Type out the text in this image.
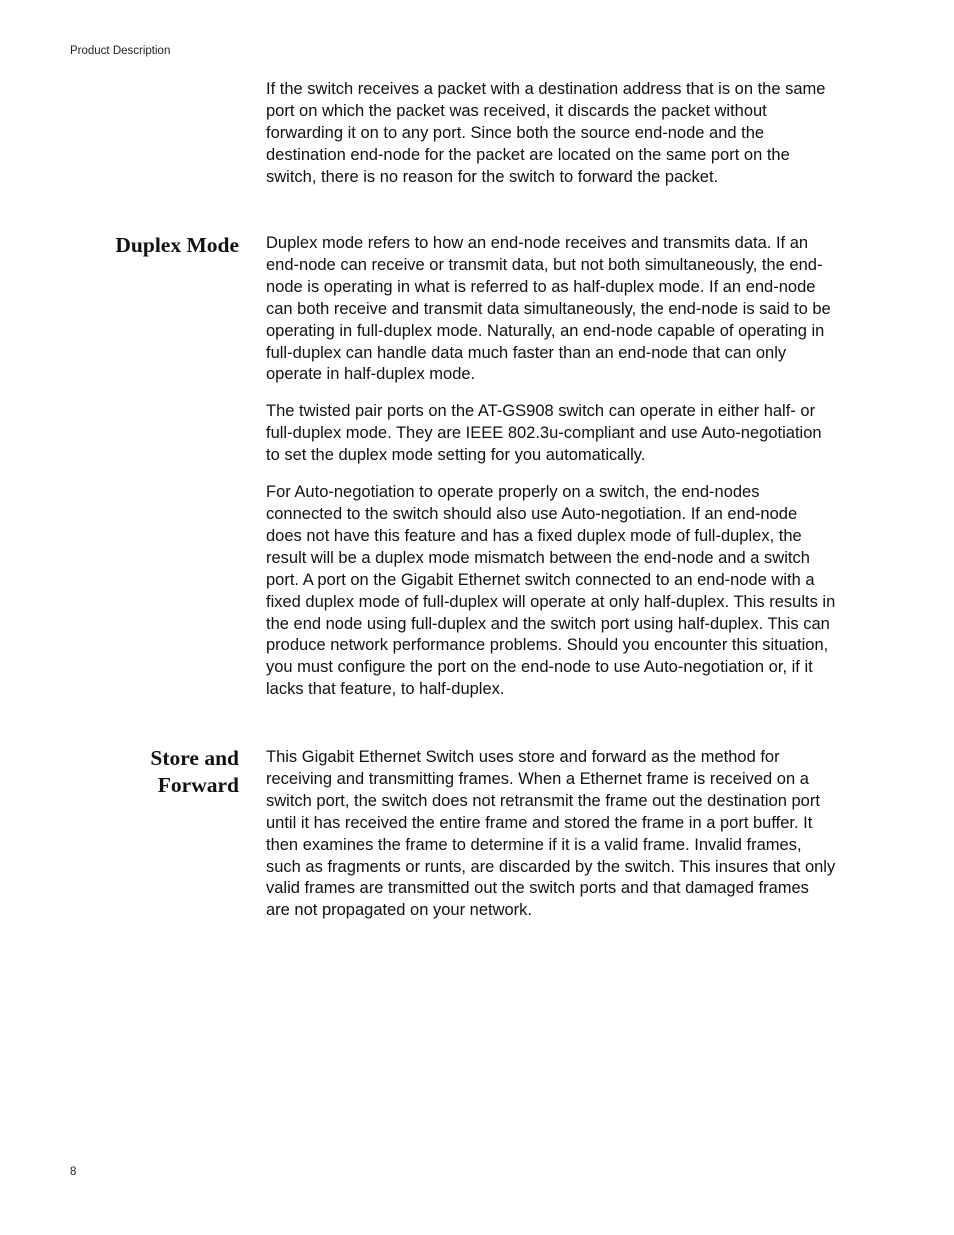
Product Description

If the switch receives a packet with a destination address that is on the same port on which the packet was received, it discards the packet without forwarding it on to any port. Since both the source end-node and the destination end-node for the packet are located on the same port on the switch, there is no reason for the switch to forward the packet.

Duplex Mode Duplex mode refers to how an end-node receives and transmits data. If an end-node can receive or transmit data, but not both simultaneously, the end-node is operating in what is referred to as half-duplex mode. If an end-node can both receive and transmit data simultaneously, the end-node is said to be operating in full-duplex mode. Naturally, an end-node capable of operating in full-duplex can handle data much faster than an end-node that can only operate in half-duplex mode.

The twisted pair ports on the AT-GS908 switch can operate in either half- or full-duplex mode. They are IEEE 802.3u-compliant and use Auto-negotiation to set the duplex mode setting for you automatically.

For Auto-negotiation to operate properly on a switch, the end-nodes connected to the switch should also use Auto-negotiation. If an end-node does not have this feature and has a fixed duplex mode of full-duplex, the result will be a duplex mode mismatch between the end-node and a switch port. A port on the Gigabit Ethernet switch connected to an end-node with a fixed duplex mode of full-duplex will operate at only half-duplex. This results in the end node using full-duplex and the switch port using half-duplex. This can produce network performance problems. Should you encounter this situation, you must configure the port on the end-node to use Auto-negotiation or, if it lacks that feature, to half-duplex.

Store and
Forward

This Gigabit Ethernet Switch uses store and forward as the method for receiving and transmitting frames. When a Ethernet frame is received on a switch port, the switch does not retransmit the frame out the destination port until it has received the entire frame and stored the frame in a port buffer. It then examines the frame to determine if it is a valid frame. Invalid frames, such as fragments or runts, are discarded by the switch. This insures that only valid frames are transmitted out the switch ports and that damaged frames are not propagated on your network.

8
